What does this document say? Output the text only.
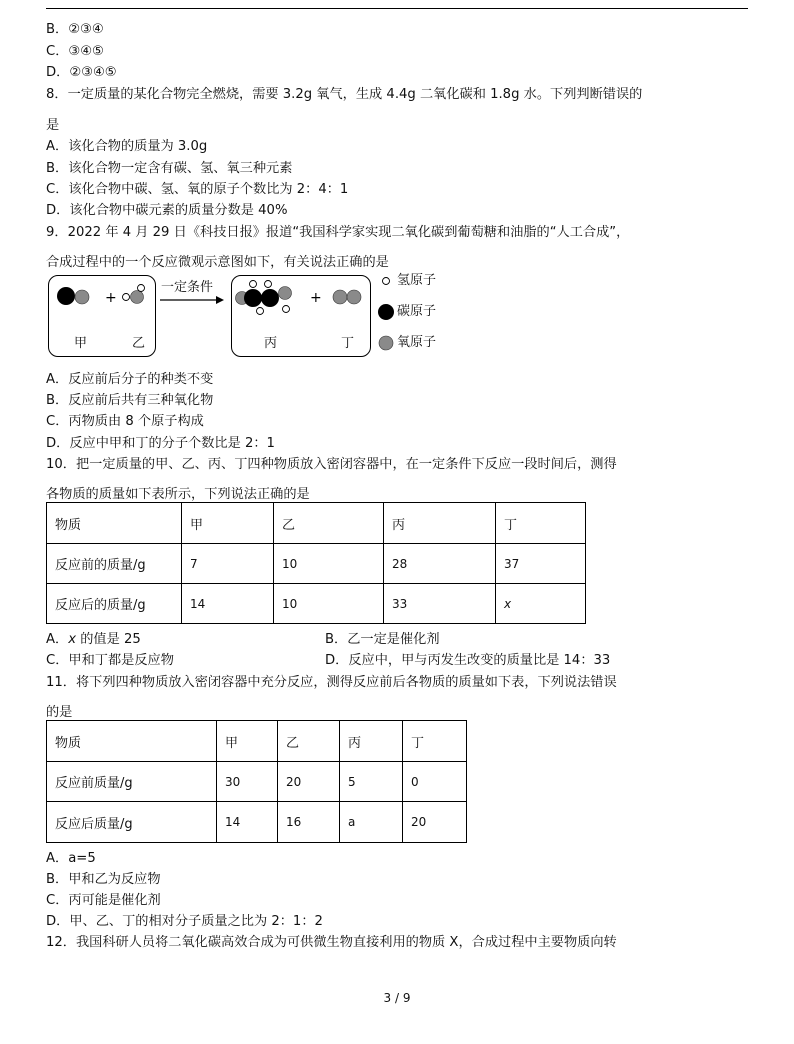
B．②③④
C．③④⑤
D．②③④⑤
8．一定质量的某化合物完全燃烧，需要 3.2g 氧气，生成 4.4g 二氧化碳和 1.8g 水。下列判断错误的
是
A．该化合物的质量为 3.0g
B．该化合物一定含有碳、氢、氧三种元素
C．该化合物中碳、氢、氧的原子个数比为 2：4：1
D．该化合物中碳元素的质量分数是 40%
9．2022 年 4 月 29 日《科技日报》报道“我国科学家实现二氧化碳到葡萄糖和油脂的“人工合成”，
合成过程中的一个反应微观示意图如下，有关说法正确的是
+	+
一定条件
甲	乙	丙	丁
氢原子
碳原子
氧原子
A．反应前后分子的种类不变
B．反应前后共有三种氧化物
C．丙物质由 8 个原子构成
D．反应中甲和丁的分子个数比是 2：1
10．把一定质量的甲、乙、丙、丁四种物质放入密闭容器中，在一定条件下反应一段时间后，测得
各物质的质量如下表所示，下列说法正确的是
物质	甲	乙	丙	丁
反应前的质量/g	7	10	28	37
反应后的质量/g	14	10	33	x
A．x 的值是 25	B．乙一定是催化剂
C．甲和丁都是反应物	D．反应中，甲与丙发生改变的质量比是 14：33
11．将下列四种物质放入密闭容器中充分反应，测得反应前后各物质的质量如下表，下列说法错误
的是
物质	甲	乙	丙	丁
反应前质量/g	30	20	5	0
反应后质量/g	14	16	a	20
A．a=5
B．甲和乙为反应物
C．丙可能是催化剂
D．甲、乙、丁的相对分子质量之比为 2：1：2
12．我国科研人员将二氧化碳高效合成为可供微生物直接利用的物质 X，合成过程中主要物质向转
3 / 9
